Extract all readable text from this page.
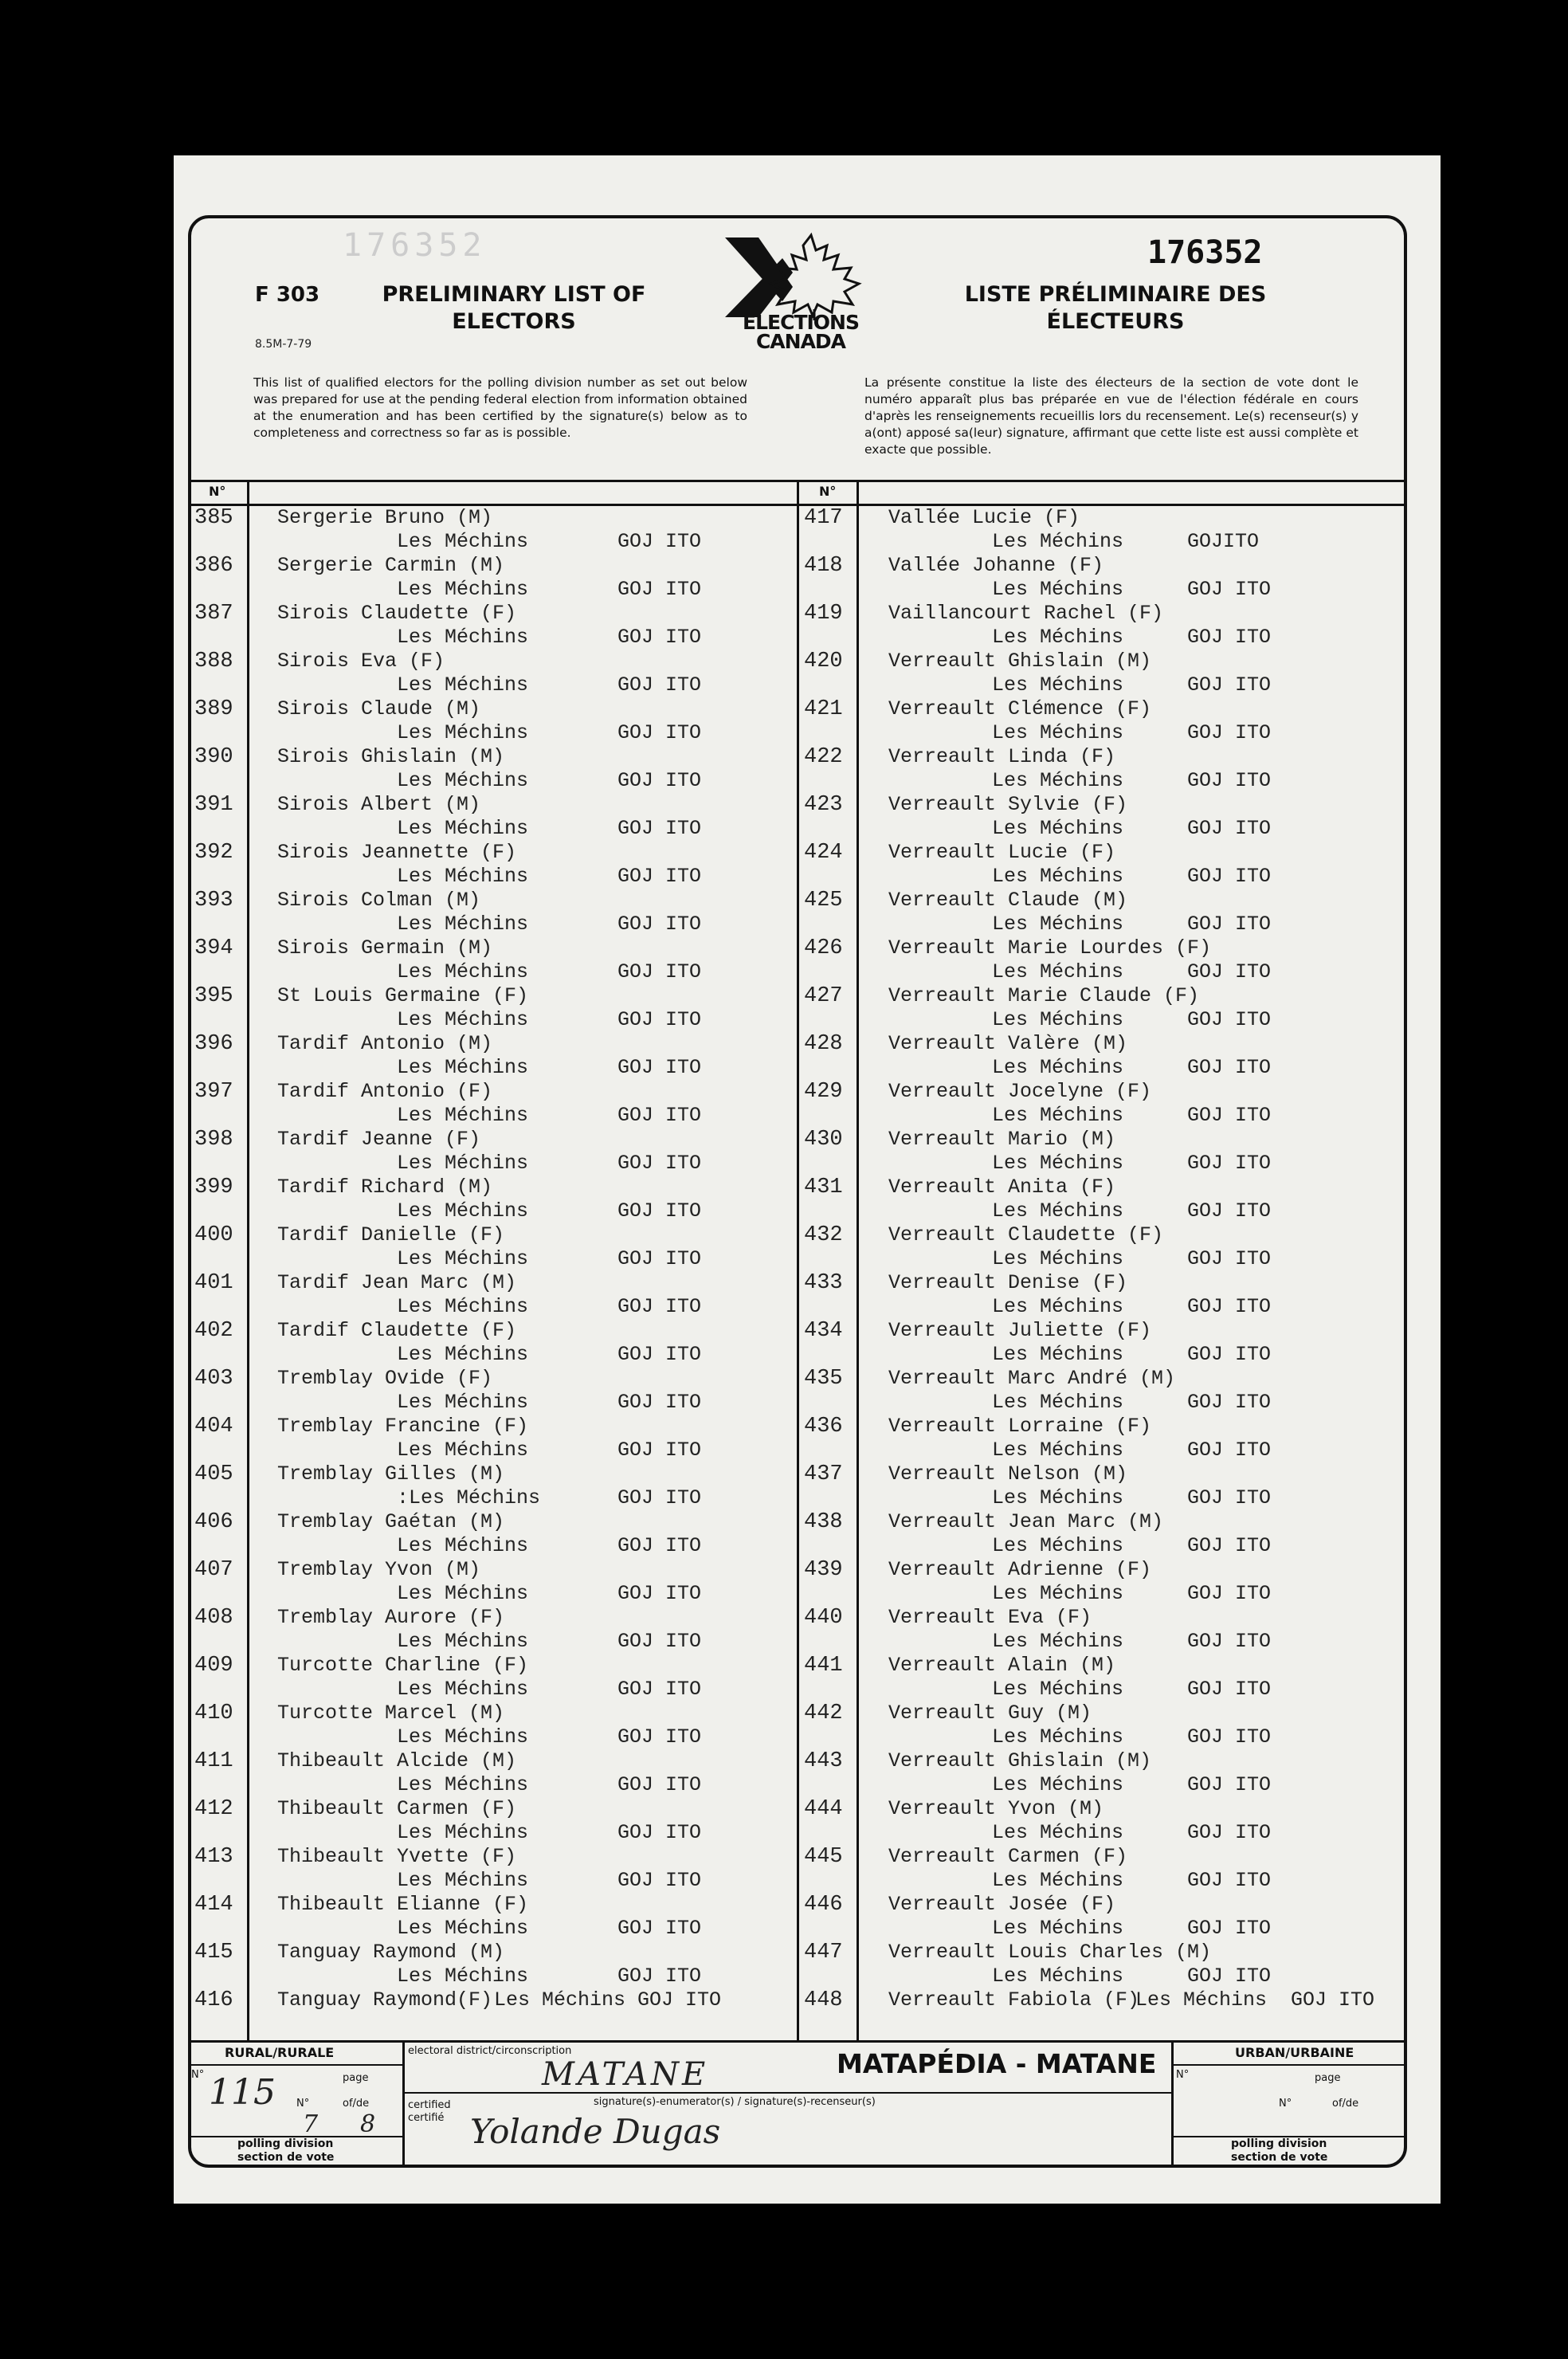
176352
F 303
8.5M-7-79
PRELIMINARY LIST OF ELECTORS
LISTE PRÉLIMINAIRE DES ÉLECTEURS
176352
ELECTIONS CANADA
This list of qualified electors for the polling division number as set out below was prepared for use at the pending federal election from information obtained at the enumeration and has been certified by the signature(s) below as to completeness and correctness so far as is possible.
La présente constitue la liste des électeurs de la section de vote dont le numéro apparaît plus bas préparée en vue de l'élection fédérale en cours d'après les renseignements recueillis lors du recensement. Le(s) recenseur(s) y a(ont) apposé sa(leur) signature, affirmant que cette liste est aussi complète et exacte que possible.
N°	N°
385 Sergerie Bruno (M)
Les Méchins	GOJ ITO
386 Sergerie Carmin (M)
Les Méchins	GOJ ITO
387 Sirois Claudette (F)
Les Méchins	GOJ ITO
388 Sirois Eva (F)
Les Méchins	GOJ ITO
389 Sirois Claude (M)
Les Méchins	GOJ ITO
390 Sirois Ghislain (M)
Les Méchins	GOJ ITO
391 Sirois Albert (M)
Les Méchins	GOJ ITO
392 Sirois Jeannette (F)
Les Méchins	GOJ ITO
393 Sirois Colman (M)
Les Méchins	GOJ ITO
394 Sirois Germain (M)
Les Méchins	GOJ ITO
395 St Louis Germaine (F)
Les Méchins	GOJ ITO
396 Tardif Antonio (M)
Les Méchins	GOJ ITO
397 Tardif Antonio (F)
Les Méchins	GOJ ITO
398 Tardif Jeanne (F)
Les Méchins	GOJ ITO
399 Tardif Richard (M)
Les Méchins	GOJ ITO
400 Tardif Danielle (F)
Les Méchins	GOJ ITO
401 Tardif Jean Marc (M)
Les Méchins	GOJ ITO
402 Tardif Claudette (F)
Les Méchins	GOJ ITO
403 Tremblay Ovide (F)
Les Méchins	GOJ ITO
404 Tremblay Francine (F)
Les Méchins	GOJ ITO
405 Tremblay Gilles (M)
:Les Méchins	GOJ ITO
406 Tremblay Gaétan (M)
Les Méchins	GOJ ITO
407 Tremblay Yvon (M)
Les Méchins	GOJ ITO
408 Tremblay Aurore (F)
Les Méchins	GOJ ITO
409 Turcotte Charline (F)
Les Méchins	GOJ ITO
410 Turcotte Marcel (M)
Les Méchins	GOJ ITO
411 Thibeault Alcide (M)
Les Méchins	GOJ ITO
412 Thibeault Carmen (F)
Les Méchins	GOJ ITO
413 Thibeault Yvette (F)
Les Méchins	GOJ ITO
414 Thibeault Elianne (F)
Les Méchins	GOJ ITO
415 Tanguay Raymond (M)
Les Méchins	GOJ ITO
416 Tanguay Raymond(F) Les Méchins GOJ ITO
417 Vallée Lucie (F)
Les Méchins	GOJITO
418 Vallée Johanne (F)
Les Méchins	GOJ ITO
419 Vaillancourt Rachel (F)
Les Méchins	GOJ ITO
420 Verreault Ghislain (M)
Les Méchins	GOJ ITO
421 Verreault Clémence (F)
Les Méchins	GOJ ITO
422 Verreault Linda (F)
Les Méchins	GOJ ITO
423 Verreault Sylvie (F)
Les Méchins	GOJ ITO
424 Verreault Lucie (F)
Les Méchins	GOJ ITO
425 Verreault Claude (M)
Les Méchins	GOJ ITO
426 Verreault Marie Lourdes (F)
Les Méchins	GOJ ITO
427 Verreault Marie Claude (F)
Les Méchins	GOJ ITO
428 Verreault Valère (M)
Les Méchins	GOJ ITO
429 Verreault Jocelyne (F)
Les Méchins	GOJ ITO
430 Verreault Mario (M)
Les Méchins	GOJ ITO
431 Verreault Anita (F)
Les Méchins	GOJ ITO
432 Verreault Claudette (F)
Les Méchins	GOJ ITO
433 Verreault Denise (F)
Les Méchins	GOJ ITO
434 Verreault Juliette (F)
Les Méchins	GOJ ITO
435 Verreault Marc André (M)
Les Méchins	GOJ ITO
436 Verreault Lorraine (F)
Les Méchins	GOJ ITO
437 Verreault Nelson (M)
Les Méchins	GOJ ITO
438 Verreault Jean Marc (M)
Les Méchins	GOJ ITO
439 Verreault Adrienne (F)
Les Méchins	GOJ ITO
440 Verreault Eva (F)
Les Méchins	GOJ ITO
441 Verreault Alain (M)
Les Méchins	GOJ ITO
442 Verreault Guy (M)
Les Méchins	GOJ ITO
443 Verreault Ghislain (M)
Les Méchins	GOJ ITO
444 Verreault Yvon (M)
Les Méchins	GOJ ITO
445 Verreault Carmen (F)
Les Méchins	GOJ ITO
446 Verreault Josée (F)
Les Méchins	GOJ ITO
447 Verreault Louis Charles (M)
Les Méchins	GOJ ITO
448 Verreault Fabiola (F)
Les Méchins GOJ ITO
RURAL/RURALE
N° 115	page
N°
7
of/de
8
polling division
section de vote
electoral district/circonscription
MATANE	MATAPÉDIA - MATANE
certified
certifié
signature(s)-enumerator(s) / signature(s)-recenseur(s)
Yolande Dugas
URBAN/URBAINE
N°	page
N°	of/de
polling division
section de vote
